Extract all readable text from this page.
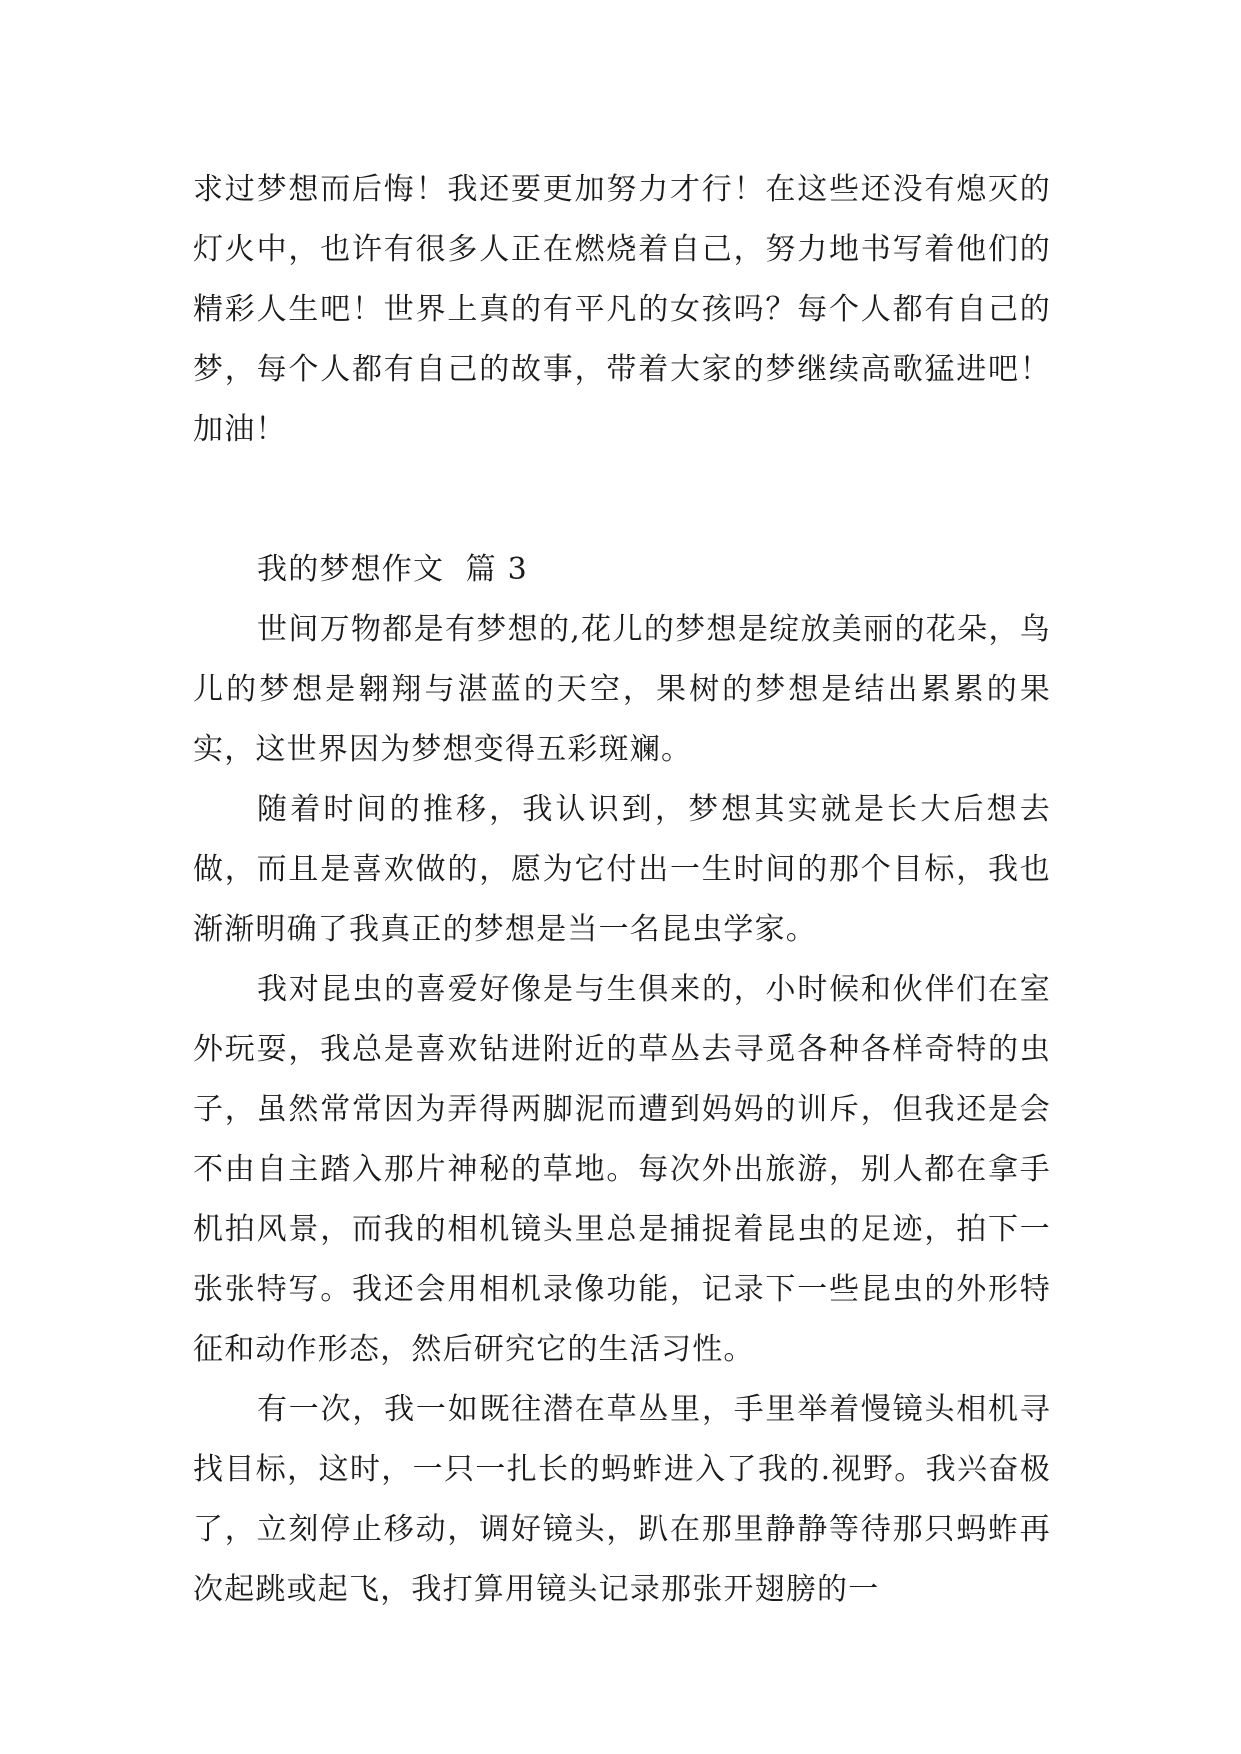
求过梦想而后悔！我还要更加努力才行！在这些还没有熄灭的灯火中，也许有很多人正在燃烧着自己，努力地书写着他们的精彩人生吧！世界上真的有平凡的女孩吗？每个人都有自己的梦，每个人都有自己的故事，带着大家的梦继续高歌猛进吧！加油！

我的梦想作文  篇 3

世间万物都是有梦想的,花儿的梦想是绽放美丽的花朵，鸟儿的梦想是翱翔与湛蓝的天空，果树的梦想是结出累累的果实，这世界因为梦想变得五彩斑斓。

随着时间的推移，我认识到，梦想其实就是长大后想去做，而且是喜欢做的，愿为它付出一生时间的那个目标，我也渐渐明确了我真正的梦想是当一名昆虫学家。

我对昆虫的喜爱好像是与生俱来的，小时候和伙伴们在室外玩耍，我总是喜欢钻进附近的草丛去寻觅各种各样奇特的虫子，虽然常常因为弄得两脚泥而遭到妈妈的训斥，但我还是会不由自主踏入那片神秘的草地。每次外出旅游，别人都在拿手机拍风景，而我的相机镜头里总是捕捉着昆虫的足迹，拍下一张张特写。我还会用相机录像功能，记录下一些昆虫的外形特征和动作形态，然后研究它的生活习性。

有一次，我一如既往潜在草丛里，手里举着慢镜头相机寻找目标，这时，一只一扎长的蚂蚱进入了我的.视野。我兴奋极了，立刻停止移动，调好镜头，趴在那里静静等待那只蚂蚱再次起跳或起飞，我打算用镜头记录那张开翅膀的一
